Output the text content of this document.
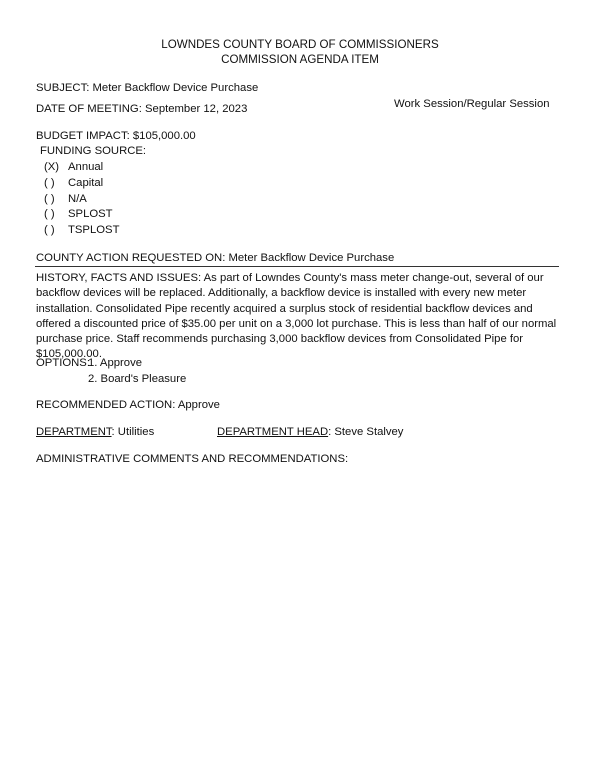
LOWNDES COUNTY BOARD OF COMMISSIONERS
COMMISSION AGENDA ITEM
SUBJECT: Meter Backflow Device Purchase
DATE OF MEETING: September 12, 2023	Work Session/Regular Session
BUDGET IMPACT: $105,000.00
FUNDING SOURCE:
(X) Annual
( ) Capital
( ) N/A
( ) SPLOST
( ) TSPLOST
COUNTY ACTION REQUESTED ON: Meter Backflow Device Purchase
HISTORY, FACTS AND ISSUES: As part of Lowndes County's mass meter change-out, several of our backflow devices will be replaced. Additionally, a backflow device is installed with every new meter installation. Consolidated Pipe recently acquired a surplus stock of residential backflow devices and offered a discounted price of $35.00 per unit on a 3,000 lot purchase. This is less than half of our normal purchase price. Staff recommends purchasing 3,000 backflow devices from Consolidated Pipe for $105,000.00.
OPTIONS:
1. Approve
2. Board's Pleasure
RECOMMENDED ACTION: Approve
DEPARTMENT: Utilities	DEPARTMENT HEAD: Steve Stalvey
ADMINISTRATIVE COMMENTS AND RECOMMENDATIONS:
